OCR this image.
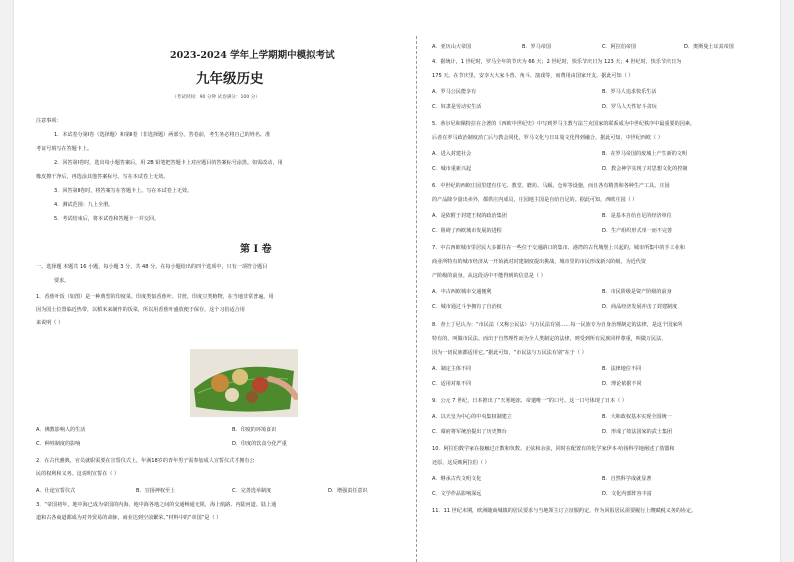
2023-2024 学年上学期期中模拟考试
九年级历史
（考试时间：90 分钟 试卷满分：100 分）
注意事项：
1．本试卷分第Ⅰ卷（选择题）和第Ⅱ卷（非选择题）两部分。答卷前，考生务必将自己的姓名、准
考证号填写在答题卡上。
2．回答第Ⅰ卷时，选出每小题答案后，用 2B 铅笔把答题卡上对应题目的答案标号涂黑。如需改动，用
橡皮擦干净后，再选涂其他答案标号。写在本试卷上无效。
3．回答第Ⅱ卷时，将答案写在答题卡上。写在本试卷上无效。
4．测试范围：九上全册。
5．考试结束后，将本试卷和答题卡一并交回。
第 Ⅰ 卷
一、选择题 本题共 16 小题，每小题 3 分，共 48 分。在每小题给出的四个选项中，只有一项符合题目
要求。
1．香蕉叶饭（如图）是一种典型的印度菜。印度类似香蕉叶、甘蔗，印度豆类植物，在当地非常普遍。用
因为国土位置临近热带，以稻米来制作的饭菜，所以用香蕉叶盛放便于保存。这个习俗适合用
来说明（ ）
A．佛教影响人的生活	B．印度的环境食识
C．种姓制度的影响	D．印度的饮食分化严重
2．在古代雅典，官员就职需要在宣誓仪式上，年满18岁的青年男子需参加成人宣誓仪式才拥有公
民的权利和义务。这说明宣誓在（ ）
A．仕途宣誓仪式	B．宣扬神权至上	C．完善选举制度	D．增强责任意识
3．“帝国初年，地中海已成为帝国的内海，地中海各地之间的交通畅通无阻，海上航路、内陆河道、陆上通
道和古各商道都成为对外贸易的命脉，商业达到空前繁荣。”材料中的“帝国”是（ ）
A．亚历山大帝国	B．罗马帝国	C．阿拉伯帝国	D．奥斯曼土耳其帝国
4．据统计，1 世纪时，罗马全年的节庆为 66 天；2 世纪时，快乐节庆日为 123 天；4 世纪时，快乐节庆日为
175 天。在节庆里，安享大大家斗兽、角斗、演戏等，而费用由国家开支。据此可知（ ）
A．罗马公民能享有	B．罗马人追求快乐生活
C．奴隶是劳动实生活	D．罗马人天性好斗贪玩
5．蒂尔尼和佩特拉在合著的《西欧中世纪史》中写到罗马主教与法兰克国家的联系成为中世纪秩序中最重要的因素。
后者在罗马政治制度消亡后与教会同化，罗马文化与日耳曼文化得到融合。据此可知，中世纪西欧（ ）
A．进入封建社会	B．在罗马帝国的废墟上产生新的文明
C．城市重新兴起	D．教会神学实现了对思想文化的控制
6．中世纪的西欧庄园里建有住宅、教堂、磨坊、马厩、仓库等设施，而且各有精善和各种生产工具。庄园
的产品除少量出卖外，都供庄内成员，庄园地主国是自给自足的。据此可知，西欧庄园（ ）
A．是依附于封建王权的政治集团	B．是基本自给自足的经济单位
C．阻碍了西欧城市发展的进程	D．生产组织形式单一而不完善
7．中古西欧城市里居民大多都住在一些位于交通路口的集市、港湾的古代城堡上兴起的。城市所集中的手工业和
商业所特有的城市经济从一开始就对封建制度提出挑战，城市里的市民形成新兴阶级，为近代资
产阶级的前身。从这段话中不能得到的信息是（ ）
A．中古西欧城市交通便利	B．市民阶级是资产阶级的前身
C．城市通过斗争拥有了自治权	D．商品经济发展冲击了封建制度
8．查士丁尼认为：“市民法（又称公民法）与万民法有别……每一民族专为自身治理制定的法律，是这个国家所
特有的，叫做市民法。而出于自然理性而为全人类制定的法律，则受到所有民族同样尊重，叫做万民法，
因为一切民族都适用它。”据此可知，“市民法与万民法有别”在于（ ）
A．制定主体不同	B．法律地位不同
C．适用对象不同	D．理论依据不同
9．公元 7 世纪，日本推出了“天寒地冻，帝遣唯一”的口号。这一口号体现了日本（ ）
A．以天皇为中心的中央集权制建立	B．大和政权基本实现全国统一
C．幕府将军统治提出了历史舞台	D．形成了效法国家的武士集团
10．阿拉伯数学家在接触过正数和负数、正弦和余弦，同时在配置有的化学家伊本·哈扬科学地阐述了蒸馏和
还原，这反映阿拉伯（ ）
A．继承古代文明文化	B．自然科学成就显著
C．文学作品影响深远	D．文化内部阵容丰富
11．11 世纪末期，欧洲随商城镇的居民要求与当地领主订立征服约定，作为回报居民需要履行上缴赋税义务的协定。
